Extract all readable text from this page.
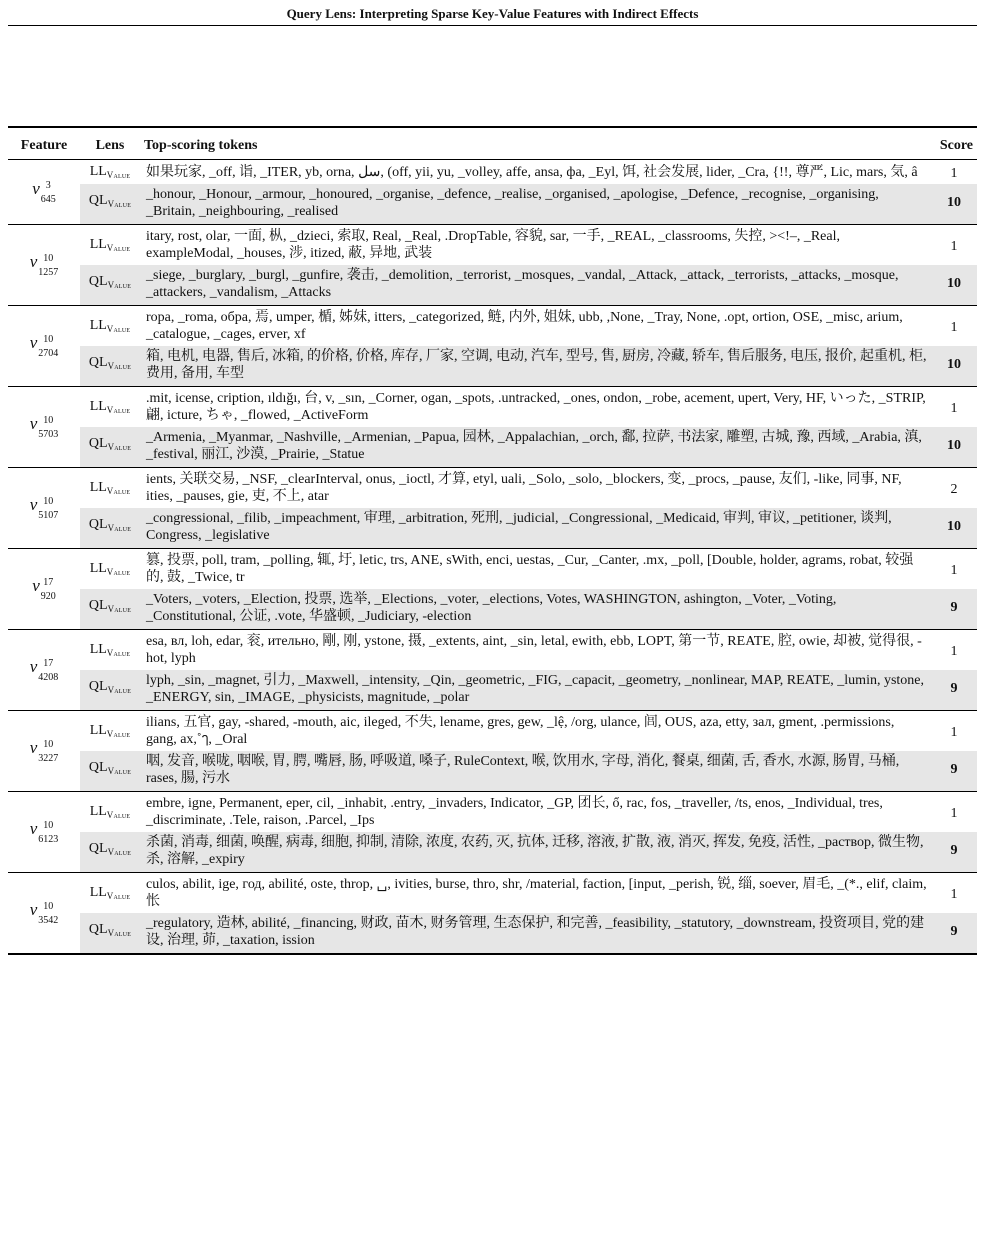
Query Lens: Interpreting Sparse Key-Value Features with Indirect Effects
Feature	Lens	Top-scoring tokens	Score

v 3
645	$LL_{Value}$	如果玩家, _off, 诣, _ITER, yb, orna, سل, (off, yii, yu, _volley, affe, ansa, фа, _Eyl, 饵, 社会发展, lider, _Cra, {!!, 尊严, Lic, mars, 気, â	1
	$QL_{Value}$	_honour, _Honour, _armour, _honoured, _organise, _defence, _realise, _organised, _apologise, _Defence, _recognise, _organising, _Britain, _neighbouring, _realised	10

v 10
1257	$LL_{Value}$	itary, rost, olar, 一面, 枞, _dzieci, 索取, Real, _Real, .DropTable, 容貌, sar, 一手, _REAL, _classrooms, 失控, ><!–, _Real, exampleModal, _houses, 涉, itized, 蔽, 异地, 武装	1
	$QL_{Value}$	_siege, _burglary, _burgl, _gunfire, 袭击, _demolition, _terrorist, _mosques, _vandal, _Attack, _attack, _terrorists, _attacks, _mosque, _attackers, _vandalism, _Attacks	10

v 10
2704	$LL_{Value}$	ropa, _roma, обра, 焉, umper, 楯, 姊妹, itters, _categorized, 鲢, 内外, 姐妹, ubb, ,None, _Tray, None, .opt, ortion, OSE, _misc, arium, _catalogue, _cages, erver, xf	1
	$QL_{Value}$	箱, 电机, 电器, 售后, 冰箱, 的价格, 价格, 库存, 厂家, 空调, 电动, 汽车, 型号, 售, 厨房, 冷藏, 轿车, 售后服务, 电压, 报价, 起重机, 柜, 费用, 备用, 车型	10

v 10
5703	$LL_{Value}$	.mit, icense, cription, ıldığı, 台, v, _sın, _Corner, ogan, _spots, .untracked, _ones, ondon, _robe, acement, upert, Very, HF, いった, _STRIP, 翩, icture, ちゃ, _flowed, _ActiveForm	1
	$QL_{Value}$	_Armenia, _Myanmar, _Nashville, _Armenian, _Papua, 园林, _Appalachian, _orch, 鄱, 拉萨, 书法家, 雕塑, 古城, 豫, 西域, _Arabia, 滇, _festival, 丽江, 沙漠, _Prairie, _Statue	10

v 10
5107	$LL_{Value}$	ients, 关联交易, _NSF, _clearInterval, onus, _ioctl, 才算, etyl, uali, _Solo, _solo, _blockers, 变, _procs, _pause, 友们, -like, 同事, NF, ities, _pauses, gie, 吏, 不上, atar	2
	$QL_{Value}$	_congressional, _filib, _impeachment, 审理, _arbitration, 死刑, _judicial, _Congressional, _Medicaid, 审判, 审议, _petitioner, 谈判, Congress, _legislative	10

v 17
920	$LL_{Value}$	篡, 投票, poll, tram, _polling, 辄, 圩, letic, trs, ANE, sWith, enci, uestas, _Cur, _Canter, .mx, _poll, [Double, holder, agrams, robat, 较强的, 鼓, _Twice, tr	1
	$QL_{Value}$	_Voters, _voters, _Election, 投票, 选举, _Elections, _voter, _elections, Votes, WASHINGTON, ashington, _Voter, _Voting, _Constitutional, 公证, .vote, 华盛顿, _Judiciary, -election	9

v 17
4208	$LL_{Value}$	esa, вл, loh, edar, 衮, ительно, 剛, 刚, ystone, 摄, _extents, aint, _sin, letal, ewith, ebb, LOPT, 第一节, REATE, 腔, owie, 却被, 觉得很, -hot, lyph	1
	$QL_{Value}$	lyph, _sin, _magnet, 引力, _Maxwell, _intensity, _Qin, _geometric, _FIG, _capacit, _geometry, _nonlinear, MAP, REATE, _lumin, ystone, _ENERGY, sin, _IMAGE, _physicists, magnitude, _polar	9

v 10
3227	$LL_{Value}$	ilians, 五官, gay, -shared, -mouth, aic, ileged, 不失, lename, gres, gew, _lệ, /org, ulance, 闾, OUS, aza, etty, зал, gment, .permissions, gang, ах,˚ๅ, _Oral	1
	$QL_{Value}$	咽, 发音, 喉咙, 咽喉, 胃, 腭, 嘴唇, 肠, 呼吸道, 嗓子, RuleContext, 喉, 饮用水, 字母, 消化, 餐桌, 细菌, 舌, 香水, 水源, 肠胃, 马桶, rases, 腸, 污水	9

v 10
6123	$LL_{Value}$	embre, igne, Permanent, eper, cil, _inhabit, .entry, _invaders, Indicator, _GP, 团长, ổ, rac, fos, _traveller, /ts, enos, _Individual, tres, _discriminate, .Tele, raison, .Parcel, _Ips	1
	$QL_{Value}$	杀菌, 消毒, 细菌, 唤醒, 病毒, 细胞, 抑制, 清除, 浓度, 农药, 灭, 抗体, 迁移, 溶液, 扩散, 液, 消灭, 挥发, 免疫, 活性, _раствор, 微生物, 杀, 溶解, _expiry	9

v 10
3542	$LL_{Value}$	culos, abilit, ige, год, abilité, oste, throp, ␣, ivities, burse, thro, shr, /material, faction, [input, _perish, 锐, 缁, soever, 眉毛, _(*., elif, claim, 怅	1
	$QL_{Value}$	_regulatory, 造林, abilité, _financing, 财政, 苗木, 财务管理, 生态保护, 和完善, _feasibility, _statutory, _downstream, 投资项目, 党的建设, 治理, 茆, _taxation, ission	9
